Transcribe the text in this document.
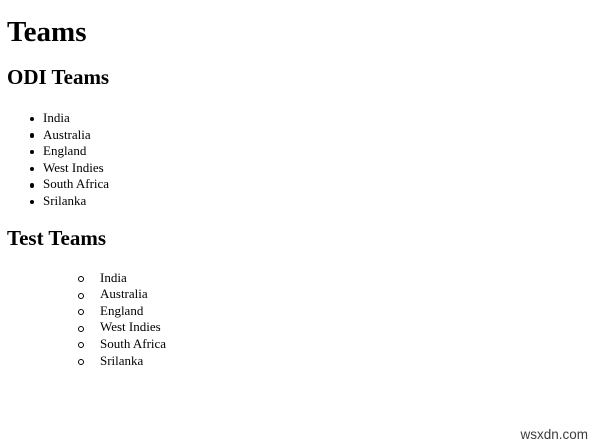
Teams
ODI Teams
India
Australia
England
West Indies
South Africa
Srilanka
Test Teams
India
Australia
England
West Indies
South Africa
Srilanka
wsxdn.com
